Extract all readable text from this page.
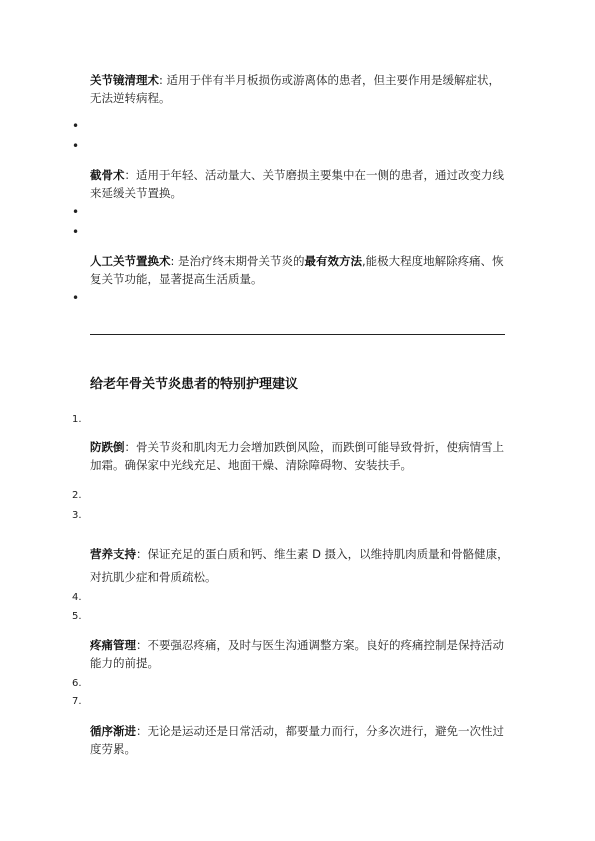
关节镜清理术: 适用于伴有半月板损伤或游离体的患者，但主要作用是缓解症状，无法逆转病程。
•
•
截骨术：适用于年轻、活动量大、关节磨损主要集中在一侧的患者，通过改变力线来延缓关节置换。
•
•
人工关节置换术: 是治疗终末期骨关节炎的最有效方法,能极大程度地解除疼痛、恢复关节功能，显著提高生活质量。
•
给老年骨关节炎患者的特别护理建议
1.
防跌倒：骨关节炎和肌肉无力会增加跌倒风险，而跌倒可能导致骨折，使病情雪上加霜。确保家中光线充足、地面干燥、清除障碍物、安装扶手。
2.
3.
营养支持：保证充足的蛋白质和钙、维生素 D 摄入，以维持肌肉质量和骨骼健康，对抗肌少症和骨质疏松。
4.
5.
疼痛管理：不要强忍疼痛，及时与医生沟通调整方案。良好的疼痛控制是保持活动能力的前提。
6.
7.
循序渐进：无论是运动还是日常活动，都要量力而行，分多次进行，避免一次性过度劳累。
